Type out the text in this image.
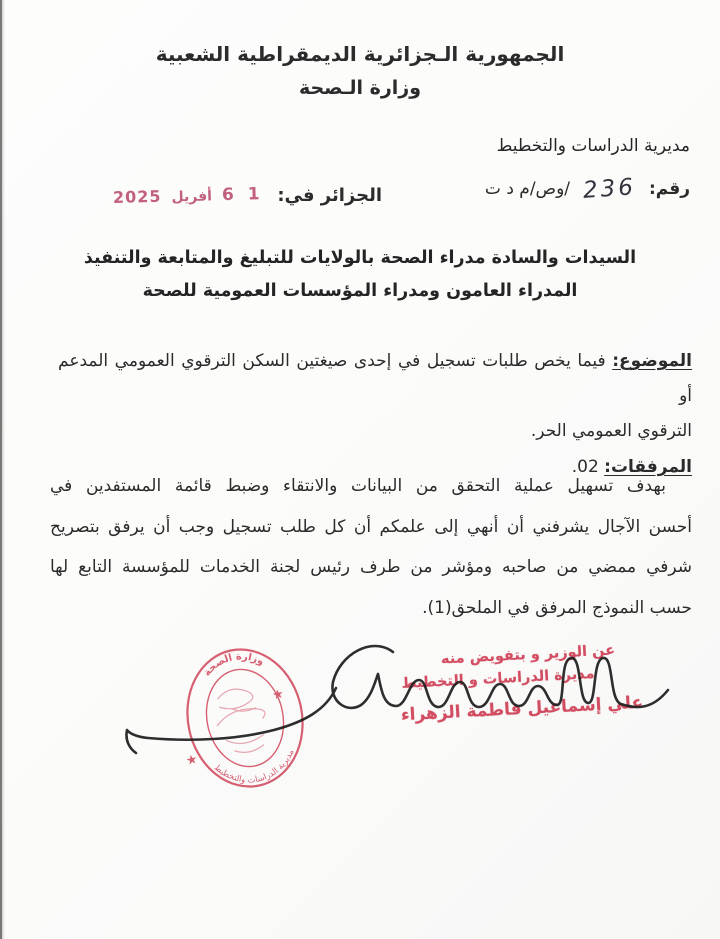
الجمهورية الـجزائرية الديمقراطية الشعبية
وزارة الـصحة
مديرية الدراسات والتخطيط
رقم:
236
/وص/م د ت
الجزائر في:
1 6
أفريل
2025
السيدات والسادة مدراء الصحة بالولايات للتبليغ والمتابعة والتنفيذ
المدراء العامون ومدراء المؤسسات العمومية للصحة
الموضوع: فيما يخص طلبات تسجيل في إحدى صيغتين السكن الترقوي العمومي المدعم أو
الترقوي العمومي الحر.
المرفقات: 02.
بهدف تسهيل عملية التحقق من البيانات والانتقاء وضبط قائمة المستفدين في
أحسن الآجال يشرفني أن أنهي إلى علمكم أن كل طلب تسجيل وجب أن يرفق بتصريح
شرفي ممضي من صاحبه ومؤشر من طرف رئيس لجنة الخدمات للمؤسسة التابع لها
حسب النموذج المرفق في الملحق(1).
وزارة الصحة
مديرية الدراسات والتخطيط
★
★
عن الوزير و بتفويض منه
مديرة الدراسات و التخطيط
علي إسماعيل فاطمة الزهراء
